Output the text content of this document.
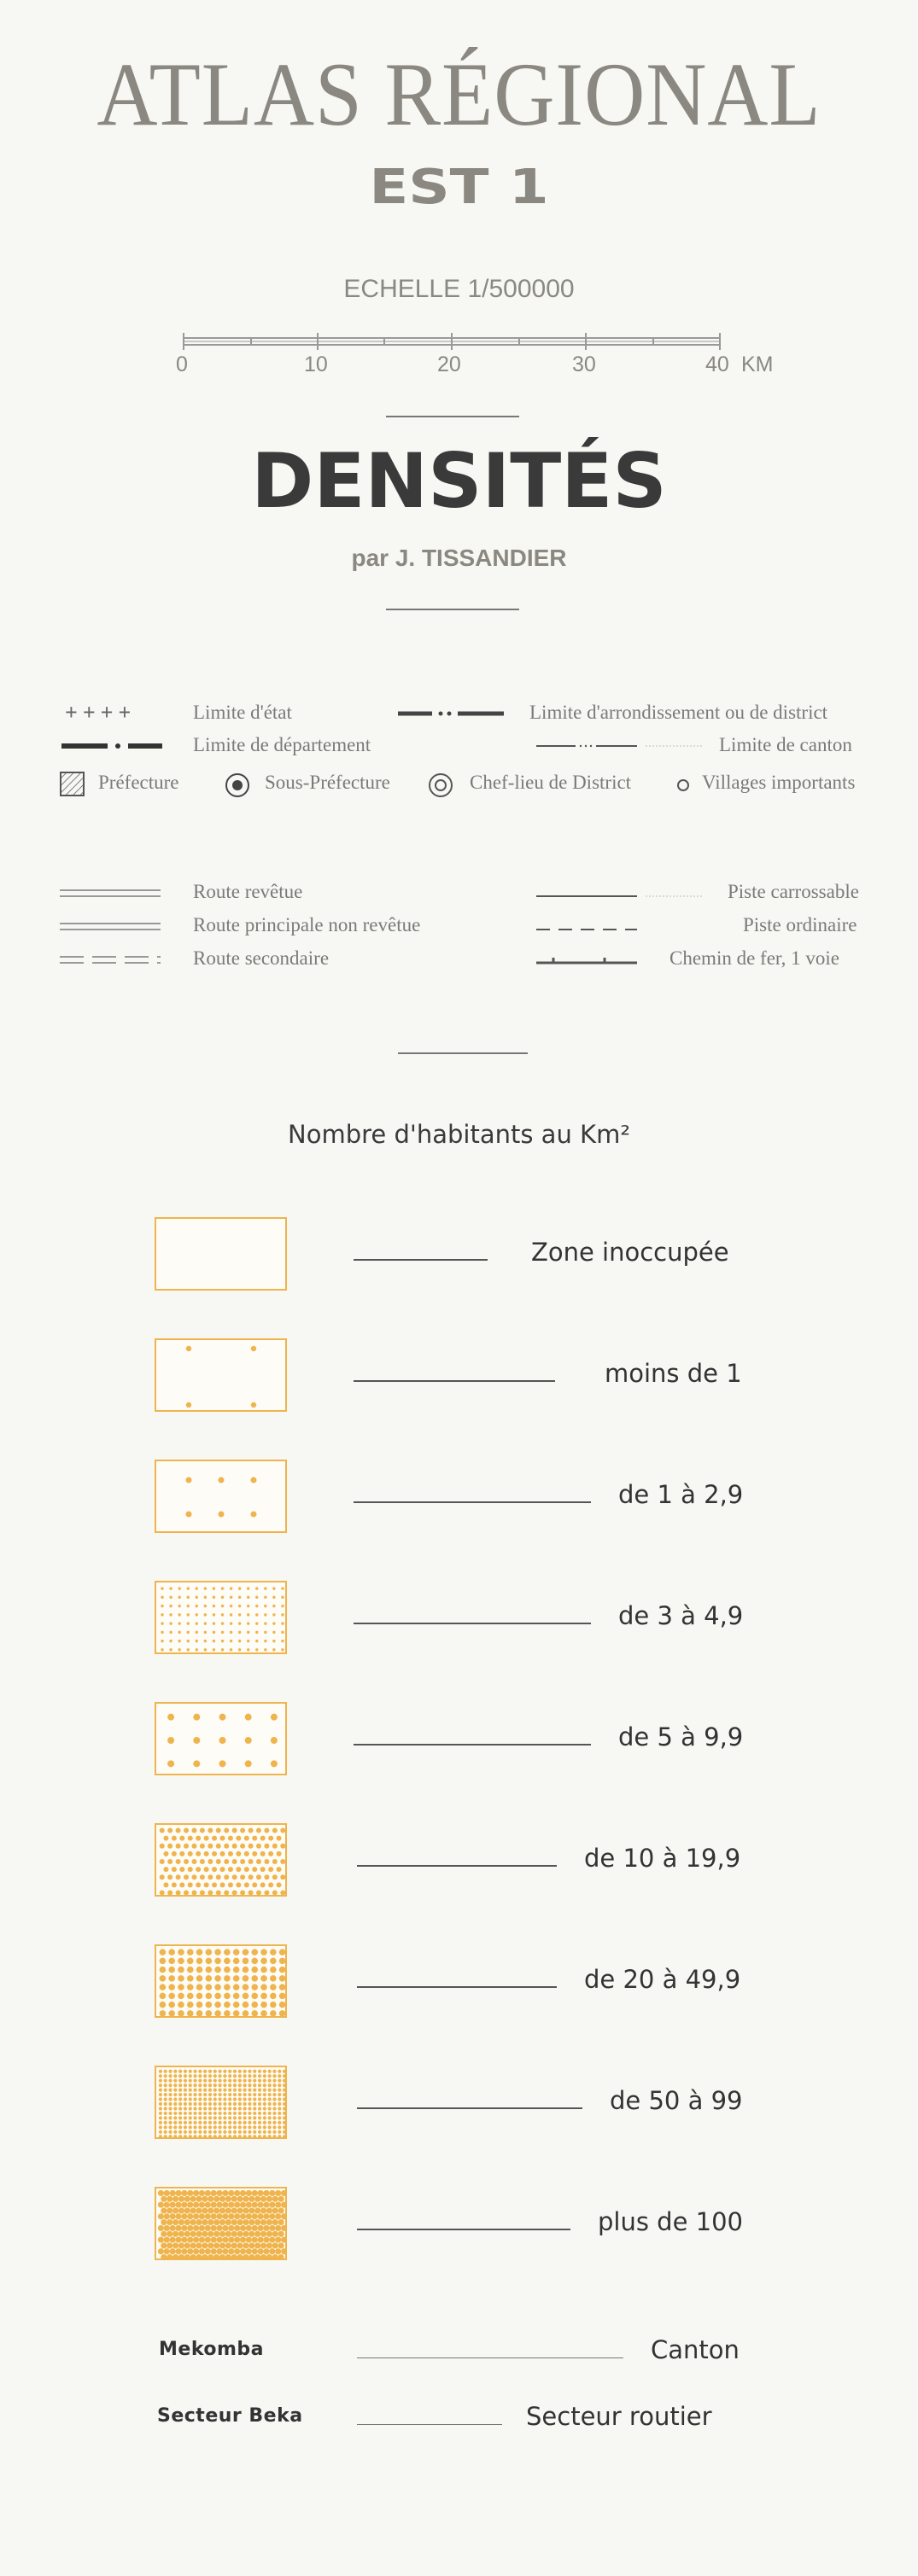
ATLAS RÉGIONAL
EST 1
ECHELLE 1/500000
0	10	20	30	40 KM
DENSITÉS
par J. TISSANDIER
++++	Limite d'état	Limite d'arrondissement ou de district
Limite de département	Limite de canton
Préfecture	Sous-Préfecture	Chef-lieu de District	Villages importants
Route revêtue	Piste carrossable
Route principale non revêtue	Piste ordinaire
Route secondaire	Chemin de fer, 1 voie
Nombre d'habitants au Km²
Zone inoccupée
moins de 1
de 1 à 2,9
de 3 à 4,9
de 5 à 9,9
de 10 à 19,9
de 20 à 49,9
de 50 à 99
plus de 100
Mekomba	Canton
Secteur Beka	Secteur routier
